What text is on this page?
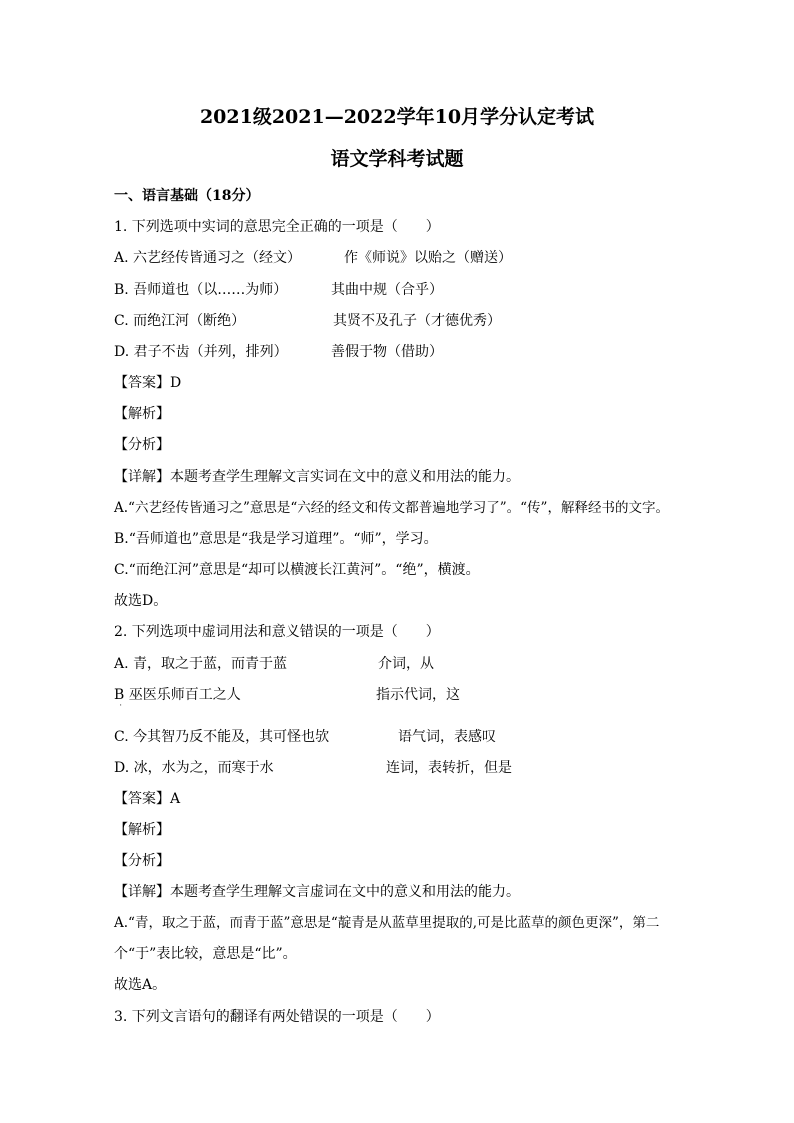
2021级2021—2022学年10月学分认定考试
语文学科考试题
一、语言基础（18分）
1. 下列选项中实词的意思完全正确的一项是（　　）
A. 六艺经传皆通习之（经文）	作《师说》以贻之（赠送）
B. 吾师道也（以……为师）	其曲中规（合乎）
C. 而绝江河（断绝）	其贤不及孔子（才德优秀）
D. 君子不齿（并列，排列）	善假于物（借助）
【答案】D
【解析】
【分析】
【详解】本题考查学生理解文言实词在文中的意义和用法的能力。
A.“六艺经传皆通习之”意思是“六经的经文和传文都普遍地学习了”。“传”，解释经书的文字。
B.“吾师道也”意思是“我是学习道理”。“师”，学习。
C.“而绝江河”意思是“却可以横渡长江黄河”。“绝”，横渡。
故选D。
2. 下列选项中虚词用法和意义错误的一项是（　　）
A. 青，取之于蓝，而青于蓝	介词，从
B 巫医乐师百工之人	指示代词，这
'
C. 今其智乃反不能及，其可怪也欤	语气词，表感叹
D. 冰，水为之，而寒于水	连词，表转折，但是
【答案】A
【解析】
【分析】
【详解】本题考查学生理解文言虚词在文中的意义和用法的能力。
A.“青，取之于蓝，而青于蓝”意思是“靛青是从蓝草里提取的,可是比蓝草的颜色更深”，第二
个“于”表比较，意思是“比”。
故选A。
3. 下列文言语句的翻译有两处错误的一项是（　　）
